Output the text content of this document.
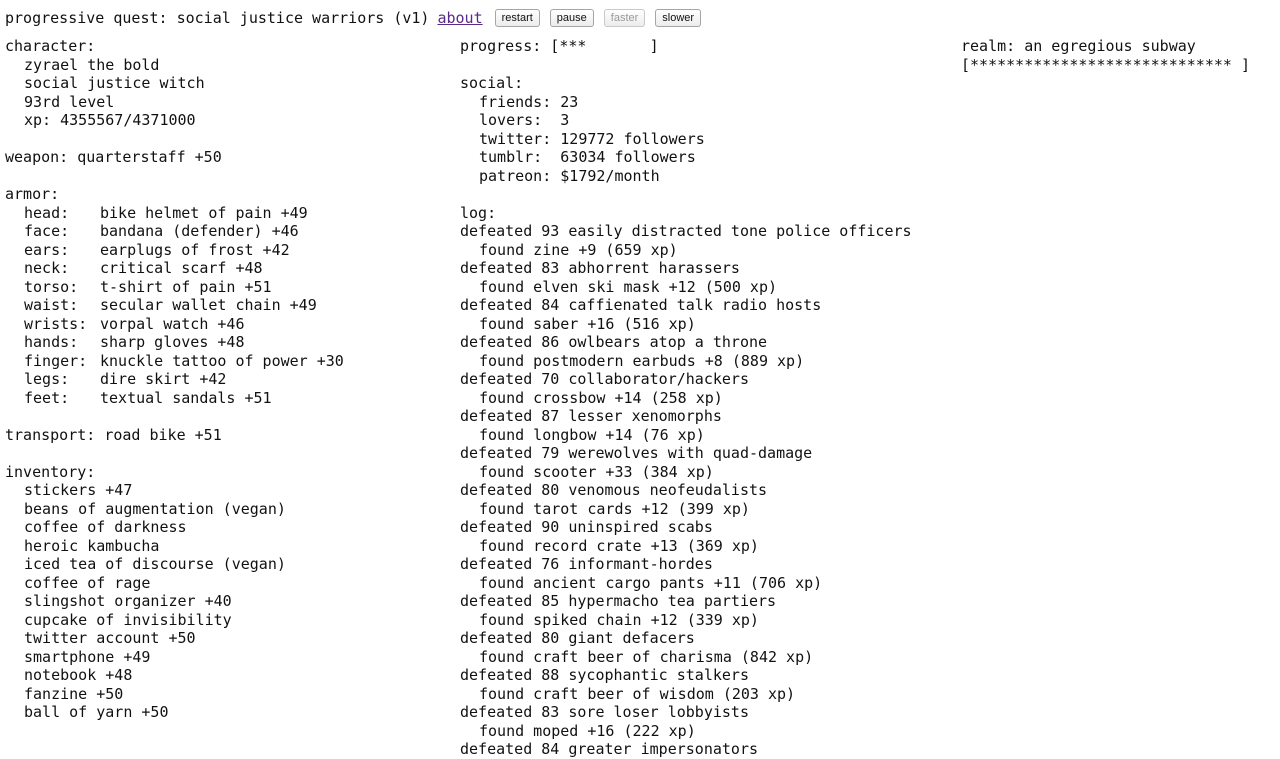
progressive quest: social justice warriors (v1) about	restart	pause	faster	slower
character:
zyrael the bold
social justice witch
93rd level
xp: 4355567/4371000
weapon: quarterstaff +50
armor:
head: bike helmet of pain +49
face: bandana (defender) +46
ears: earplugs of frost +42
neck: critical scarf +48
torso: t-shirt of pain +51
waist: secular wallet chain +49
wrists: vorpal watch +46
hands: sharp gloves +48
finger: knuckle tattoo of power +30
legs: dire skirt +42
feet: textual sandals +51
transport: road bike +51
inventory:
stickers +47
beans of augmentation (vegan)
coffee of darkness
heroic kambucha
iced tea of discourse (vegan)
coffee of rage
slingshot organizer +40
cupcake of invisibility
twitter account +50
smartphone +49
notebook +48
fanzine +50
ball of yarn +50
progress: [***       ]
social:
friends: 23
lovers:  3
twitter: 129772 followers
tumblr:  63034 followers
patreon: $1792/month
log:
defeated 93 easily distracted tone police officers
found zine +9 (659 xp)
defeated 83 abhorrent harassers
found elven ski mask +12 (500 xp)
defeated 84 caffienated talk radio hosts
found saber +16 (516 xp)
defeated 86 owlbears atop a throne
found postmodern earbuds +8 (889 xp)
defeated 70 collaborator/hackers
found crossbow +14 (258 xp)
defeated 87 lesser xenomorphs
found longbow +14 (76 xp)
defeated 79 werewolves with quad-damage
found scooter +33 (384 xp)
defeated 80 venomous neofeudalists
found tarot cards +12 (399 xp)
defeated 90 uninspired scabs
found record crate +13 (369 xp)
defeated 76 informant-hordes
found ancient cargo pants +11 (706 xp)
defeated 85 hypermacho tea partiers
found spiked chain +12 (339 xp)
defeated 80 giant defacers
found craft beer of charisma (842 xp)
defeated 88 sycophantic stalkers
found craft beer of wisdom (203 xp)
defeated 83 sore loser lobbyists
found moped +16 (222 xp)
defeated 84 greater impersonators
realm: an egregious subway
[***************************** ]
